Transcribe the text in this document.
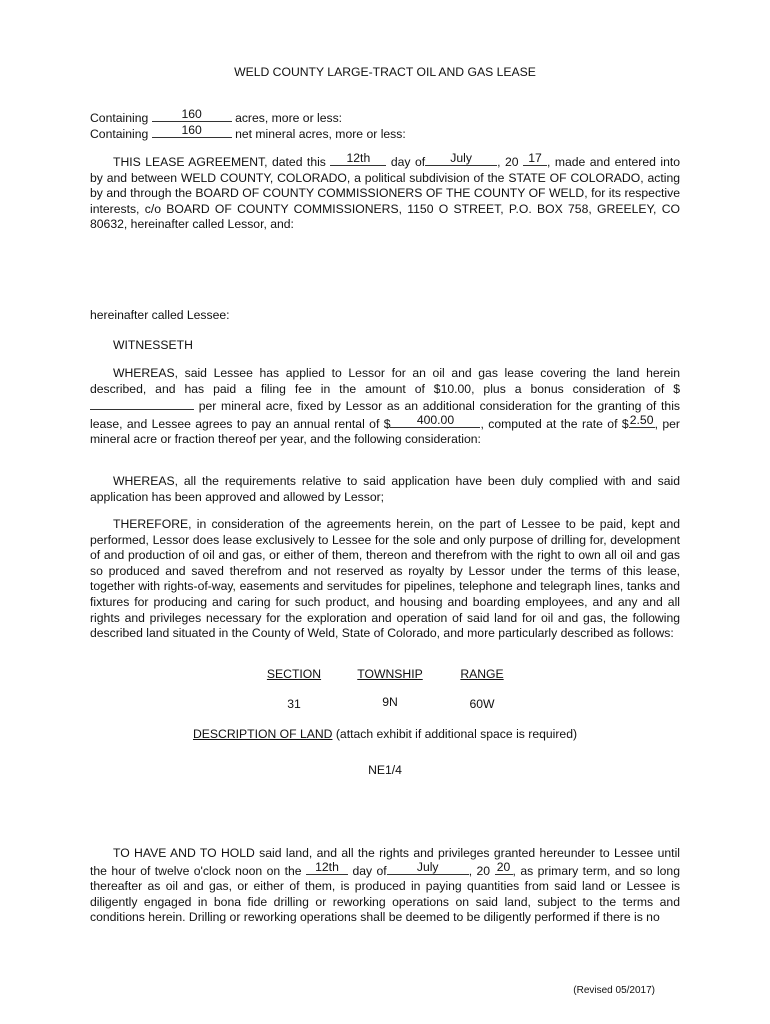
WELD COUNTY LARGE-TRACT OIL AND GAS LEASE
Containing	160	acres, more or less:
Containing	160	net mineral acres, more or less:
THIS LEASE AGREEMENT, dated this	12th	day of	July	, 20 17 , made and entered into by and between WELD COUNTY, COLORADO, a political subdivision of the STATE OF COLORADO, acting by and through the BOARD OF COUNTY COMMISSIONERS OF THE COUNTY OF WELD, for its respective interests, c/o BOARD OF COUNTY COMMISSIONERS, 1150 O STREET, P.O. BOX 758, GREELEY, CO 80632, hereinafter called Lessor, and:
hereinafter called Lessee:
WITNESSETH
WHEREAS, said Lessee has applied to Lessor for an oil and gas lease covering the land herein described, and has paid a filing fee in the amount of $10.00, plus a bonus consideration of $
per mineral acre, fixed by Lessor as an additional consideration for the granting of this lease, and Lessee agrees to pay an annual rental of $	400.00	, computed at the rate of $ 2.50 , per mineral acre or fraction thereof per year, and the following consideration:
WHEREAS, all the requirements relative to said application have been duly complied with and said application has been approved and allowed by Lessor;
THEREFORE, in consideration of the agreements herein, on the part of Lessee to be paid, kept and performed, Lessor does lease exclusively to Lessee for the sole and only purpose of drilling for, development of and production of oil and gas, or either of them, thereon and therefrom with the right to own all oil and gas so produced and saved therefrom and not reserved as royalty by Lessor under the terms of this lease, together with rights-of-way, easements and servitudes for pipelines, telephone and telegraph lines, tanks and fixtures for producing and caring for such product, and housing and boarding employees, and any and all rights and privileges necessary for the exploration and operation of said land for oil and gas, the following described land situated in the County of Weld, State of Colorado, and more particularly described as follows:
SECTION	TOWNSHIP	RANGE
31	9N	60W
DESCRIPTION OF LAND (attach exhibit if additional space is required)
NE1/4
TO HAVE AND TO HOLD said land, and all the rights and privileges granted hereunder to Lessee until the hour of twelve o'clock noon on the	12th	day of	July	, 20 20 , as primary term, and so long thereafter as oil and gas, or either of them, is produced in paying quantities from said land or Lessee is diligently engaged in bona fide drilling or reworking operations on said land, subject to the terms and conditions herein. Drilling or reworking operations shall be deemed to be diligently performed if there is no
(Revised 05/2017)
